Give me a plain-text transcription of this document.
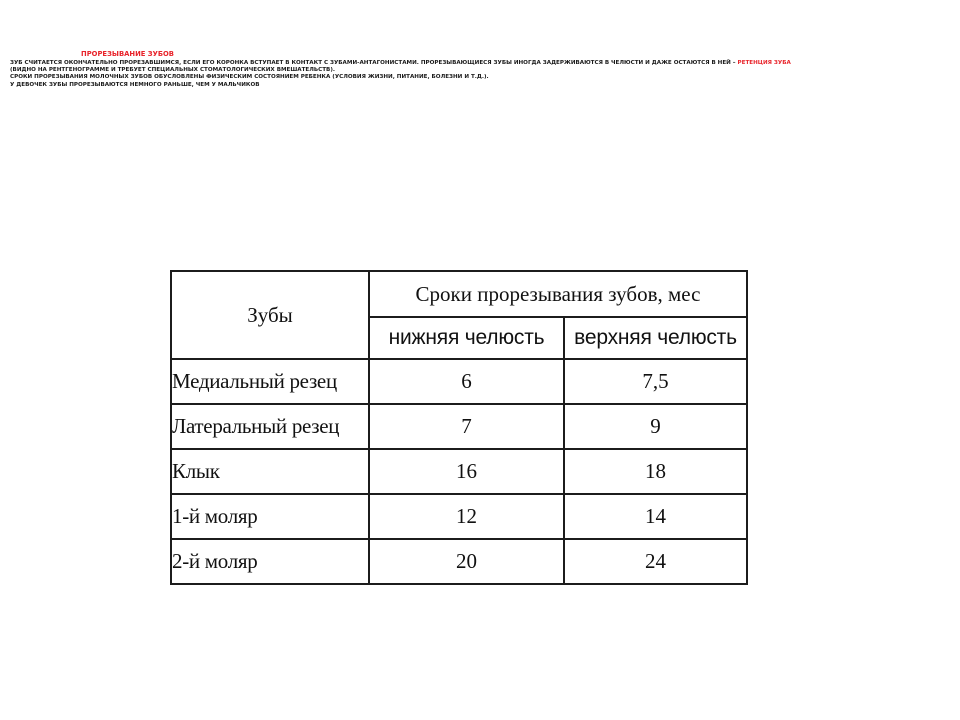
ПРОРЕЗЫВАНИЕ ЗУБОВ
ЗУБ СЧИТАЕТСЯ ОКОНЧАТЕЛЬНО ПРОРЕЗАВШИМСЯ, ЕСЛИ ЕГО КОРОНКА ВСТУПАЕТ В КОНТАКТ С ЗУБАМИ-АНТАГОНИСТАМИ. ПРОРЕЗЫВАЮЩИЕСЯ ЗУБЫ ИНОГДА ЗАДЕРЖИВАЮТСЯ В ЧЕЛЮСТИ И ДАЖЕ ОСТАЮТСЯ В НЕЙ – РЕТЕНЦИЯ ЗУБА
(ВИДНО НА РЕНТГЕНОГРАММЕ И ТРЕБУЕТ СПЕЦИАЛЬНЫХ СТОМАТОЛОГИЧЕСКИХ ВМЕШАТЕЛЬСТВ).
СРОКИ ПРОРЕЗЫВАНИЯ МОЛОЧНЫХ ЗУБОВ ОБУСЛОВЛЕНЫ ФИЗИЧЕСКИМ СОСТОЯНИЕМ РЕБЕНКА (УСЛОВИЯ ЖИЗНИ, ПИТАНИЕ, БОЛЕЗНИ И Т.Д.).
У ДЕВОЧЕК ЗУБЫ ПРОРЕЗЫВАЮТСЯ НЕМНОГО РАНЬШЕ, ЧЕМ У МАЛЬЧИКОВ
Зубы	Сроки прорезывания зубов, мес	
	нижняя челюсть	верхняя челюсть
Медиальный резец	6	7,5
Латеральный резец	7	9
Клык	16	18
1-й моляр	12	14
2-й моляр	20	24
